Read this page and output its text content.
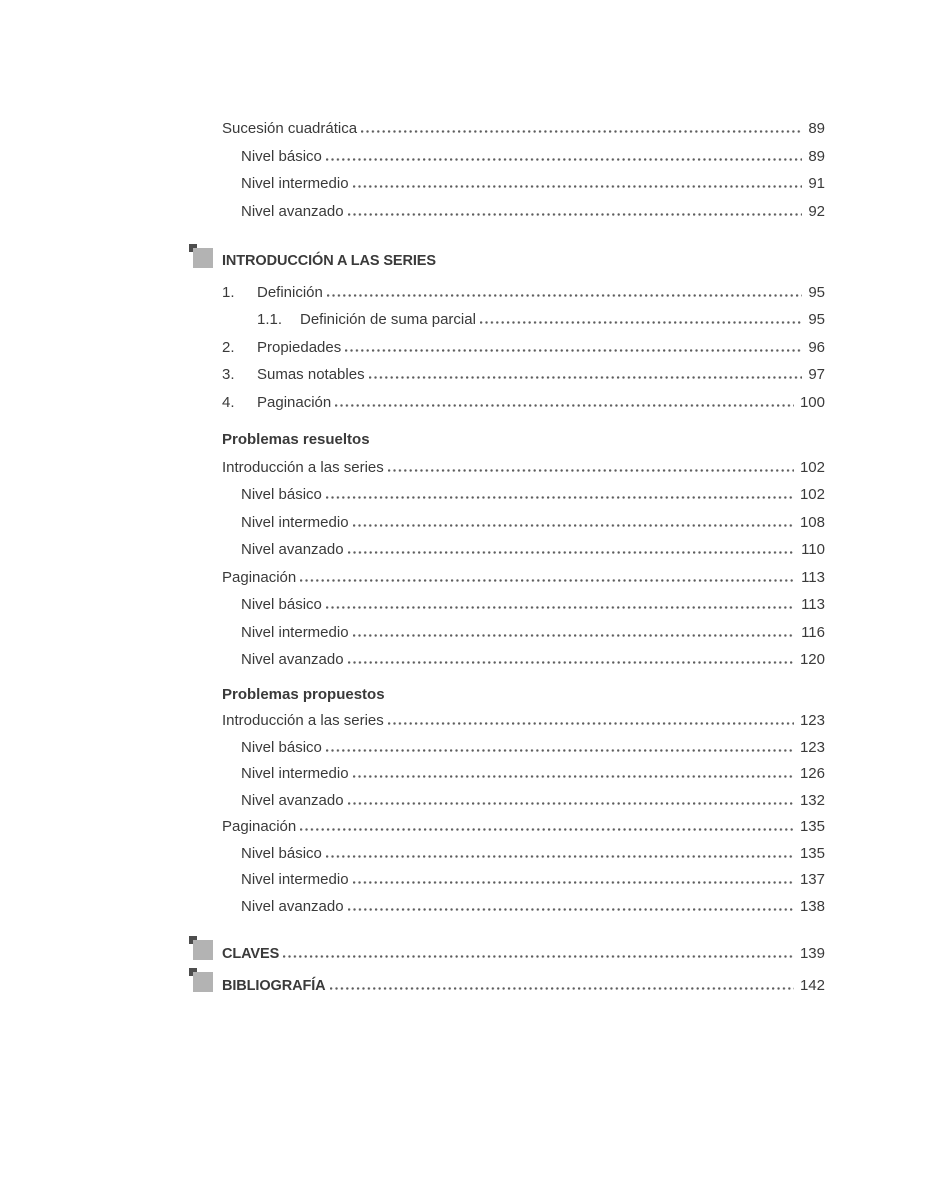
Sucesión cuadrática	89
Nivel básico	89
Nivel intermedio	91
Nivel avanzado	92
INTRODUCCIÓN A LAS SERIES
1.	Definición	95
1.1.	Definición de suma parcial	95
2.	Propiedades	96
3.	Sumas notables	97
4.	Paginación	100
Problemas resueltos
Introducción a las series	102
Nivel básico	102
Nivel intermedio	108
Nivel avanzado	110
Paginación	113
Nivel básico	113
Nivel intermedio	116
Nivel avanzado	120
Problemas propuestos
Introducción a las series	123
Nivel básico	123
Nivel intermedio	126
Nivel avanzado	132
Paginación	135
Nivel básico	135
Nivel intermedio	137
Nivel avanzado	138
CLAVES	139
BIBLIOGRAFÍA	142
